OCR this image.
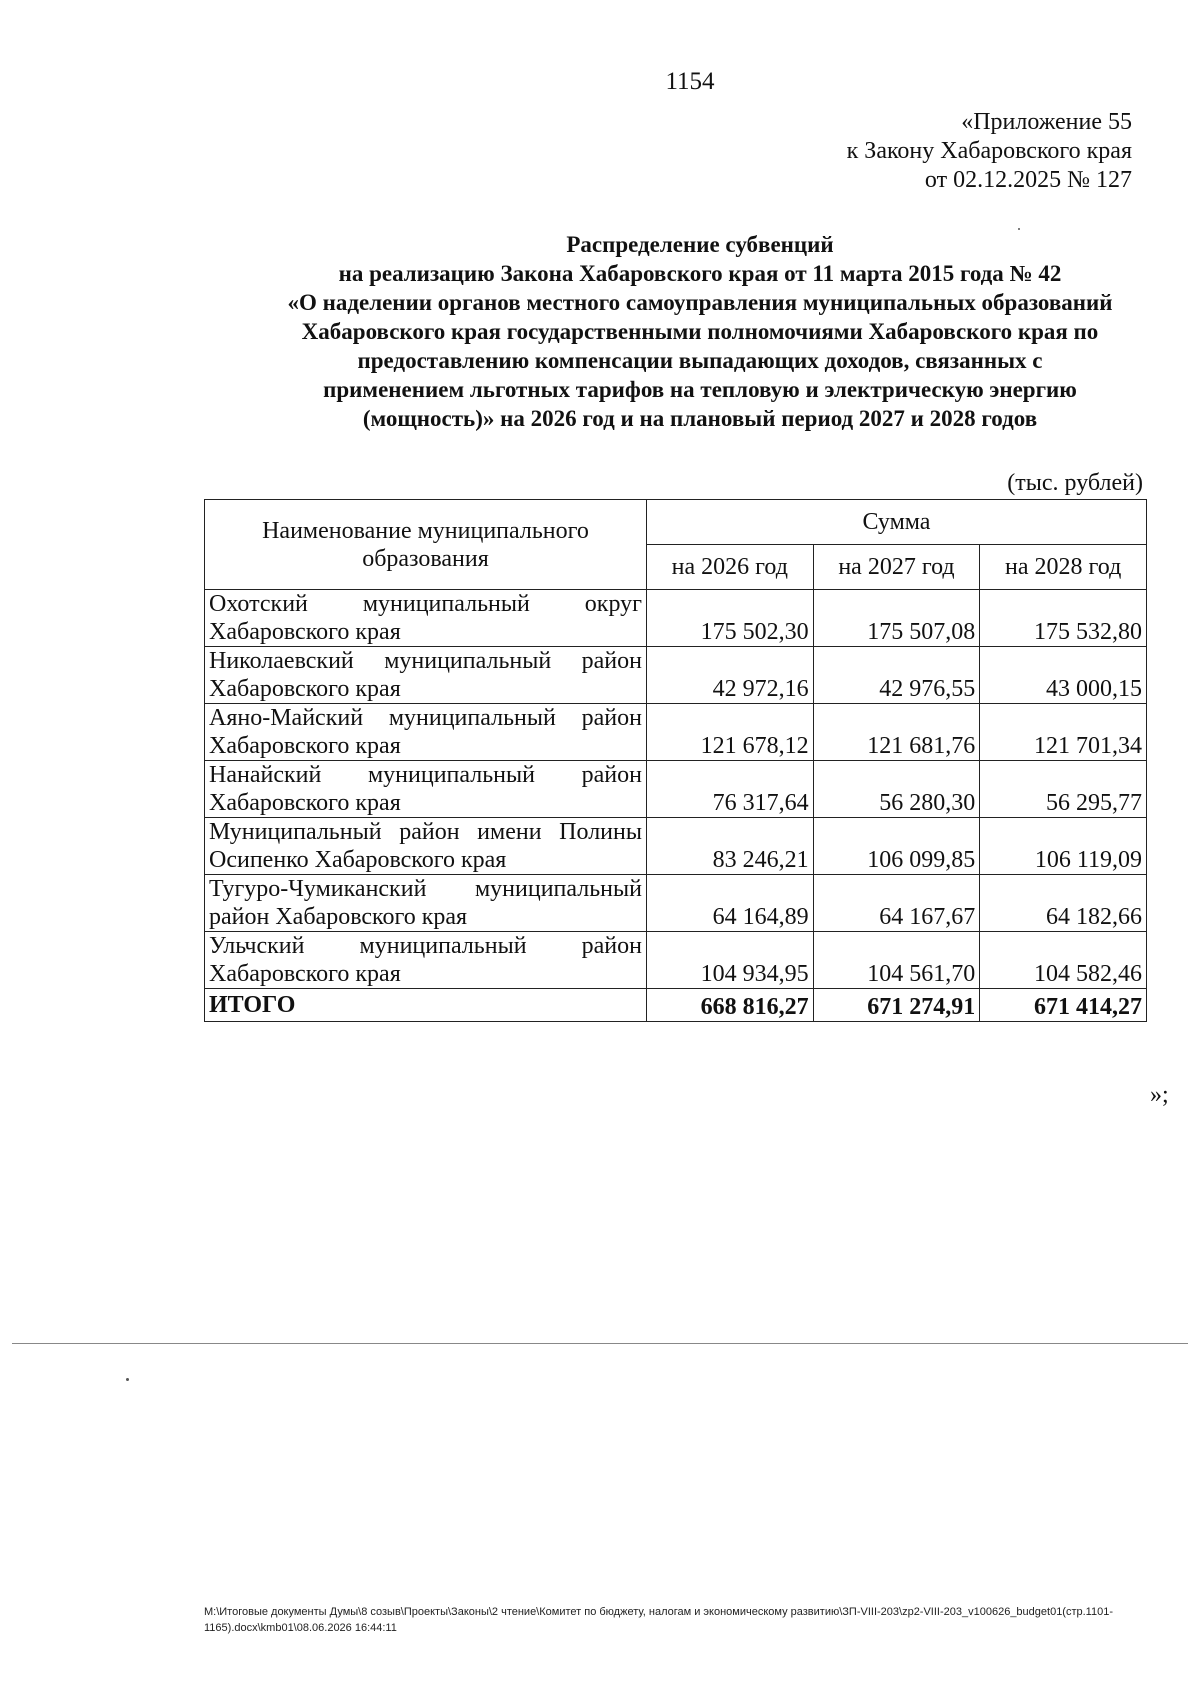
1154
«Приложение 55
к Закону Хабаровского края
от 02.12.2025 № 127
Распределение субвенций
на реализацию Закона Хабаровского края от 11 марта 2015 года № 42
«О наделении органов местного самоуправления муниципальных образований
Хабаровского края государственными полномочиями Хабаровского края по
предоставлению компенсации выпадающих доходов, связанных с
применением льготных тарифов на тепловую и электрическую энергию
(мощность)» на 2026 год и на плановый период 2027 и 2028 годов
(тыс. рублей)
Наименование муниципального образования	Сумма		
	на 2026 год	на 2027 год	на 2028 год
Охотский муниципальный округ Хабаровского края	175 502,30	175 507,08	175 532,80
Николаевский муниципальный район Хабаровского края	42 972,16	42 976,55	43 000,15
Аяно-Майский муниципальный район Хабаровского края	121 678,12	121 681,76	121 701,34
Нанайский муниципальный район Хабаровского края	76 317,64	56 280,30	56 295,77
Муниципальный район имени Полины Осипенко Хабаровского края	83 246,21	106 099,85	106 119,09
Тугуро-Чумиканский муниципальный район Хабаровского края	64 164,89	64 167,67	64 182,66
Ульчский муниципальный район Хабаровского края	104 934,95	104 561,70	104 582,46
ИТОГО	668 816,27	671 274,91	671 414,27
»;
M:\Итоговые документы Думы\8 созыв\Проекты\Законы\2 чтение\Комитет по бюджету, налогам и экономическому развитию\ЗП-VIII-203\zp2-VIII-203_v100626_budget01(стр.1101-1165).docx\kmb01\08.06.2026 16:44:11
